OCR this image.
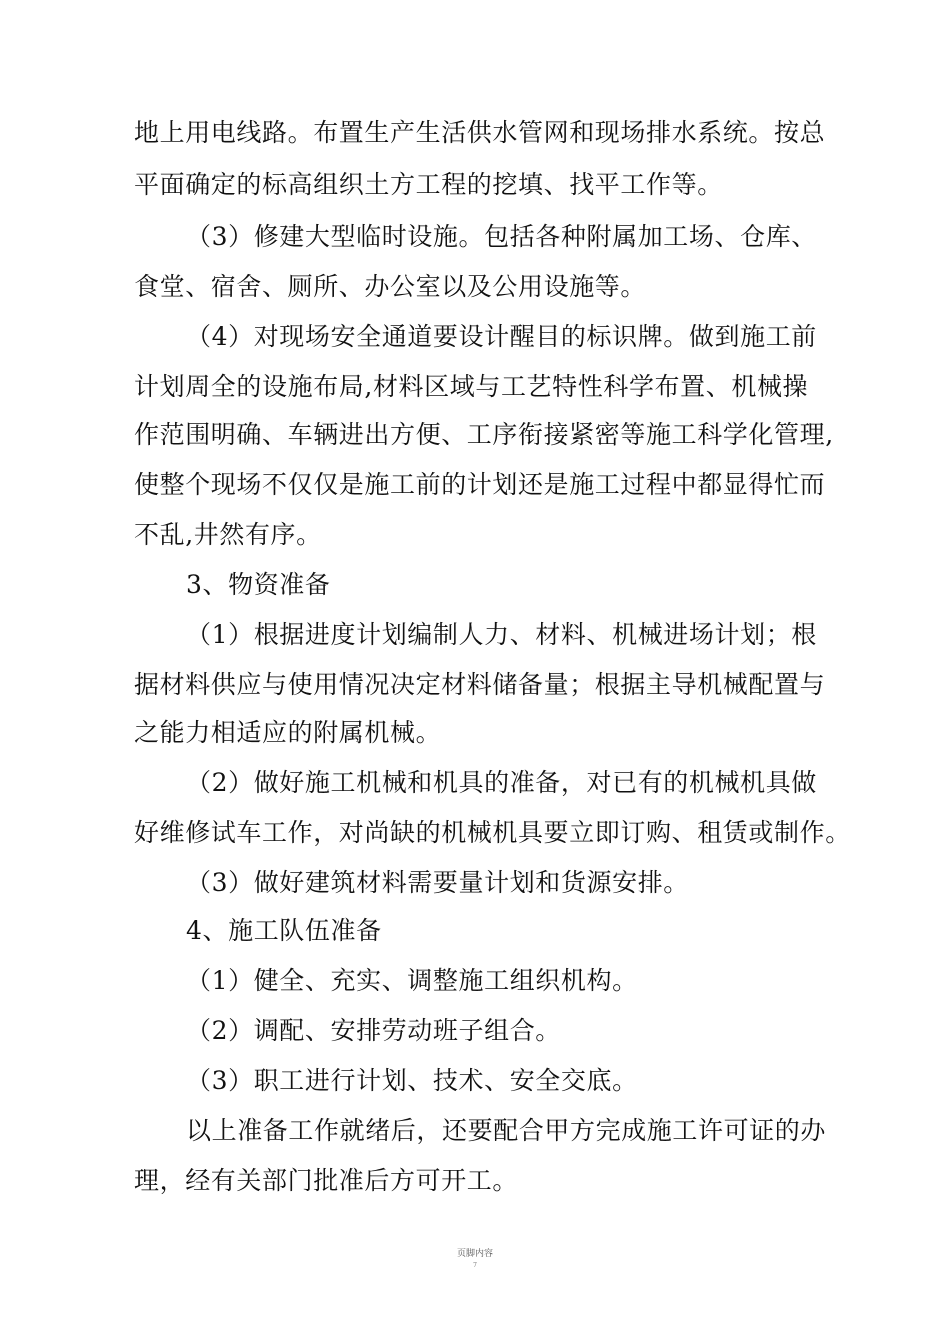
地上用电线路。布置生产生活供水管网和现场排水系统。按总
平面确定的标高组织土方工程的挖填、找平工作等。
（3）修建大型临时设施。包括各种附属加工场、仓库、
食堂、宿舍、厕所、办公室以及公用设施等。
（4）对现场安全通道要设计醒目的标识牌。做到施工前
计划周全的设施布局,材料区域与工艺特性科学布置、机械操
作范围明确、车辆进出方便、工序衔接紧密等施工科学化管理,
使整个现场不仅仅是施工前的计划还是施工过程中都显得忙而
不乱,井然有序。
3、物资准备
（1）根据进度计划编制人力、材料、机械进场计划；根
据材料供应与使用情况决定材料储备量；根据主导机械配置与
之能力相适应的附属机械。
（2）做好施工机械和机具的准备，对已有的机械机具做
好维修试车工作，对尚缺的机械机具要立即订购、租赁或制作。
（3）做好建筑材料需要量计划和货源安排。
4、施工队伍准备
（1）健全、充实、调整施工组织机构。
（2）调配、安排劳动班子组合。
（3）职工进行计划、技术、安全交底。
以上准备工作就绪后，还要配合甲方完成施工许可证的办
理，经有关部门批准后方可开工。
页脚内容
7
